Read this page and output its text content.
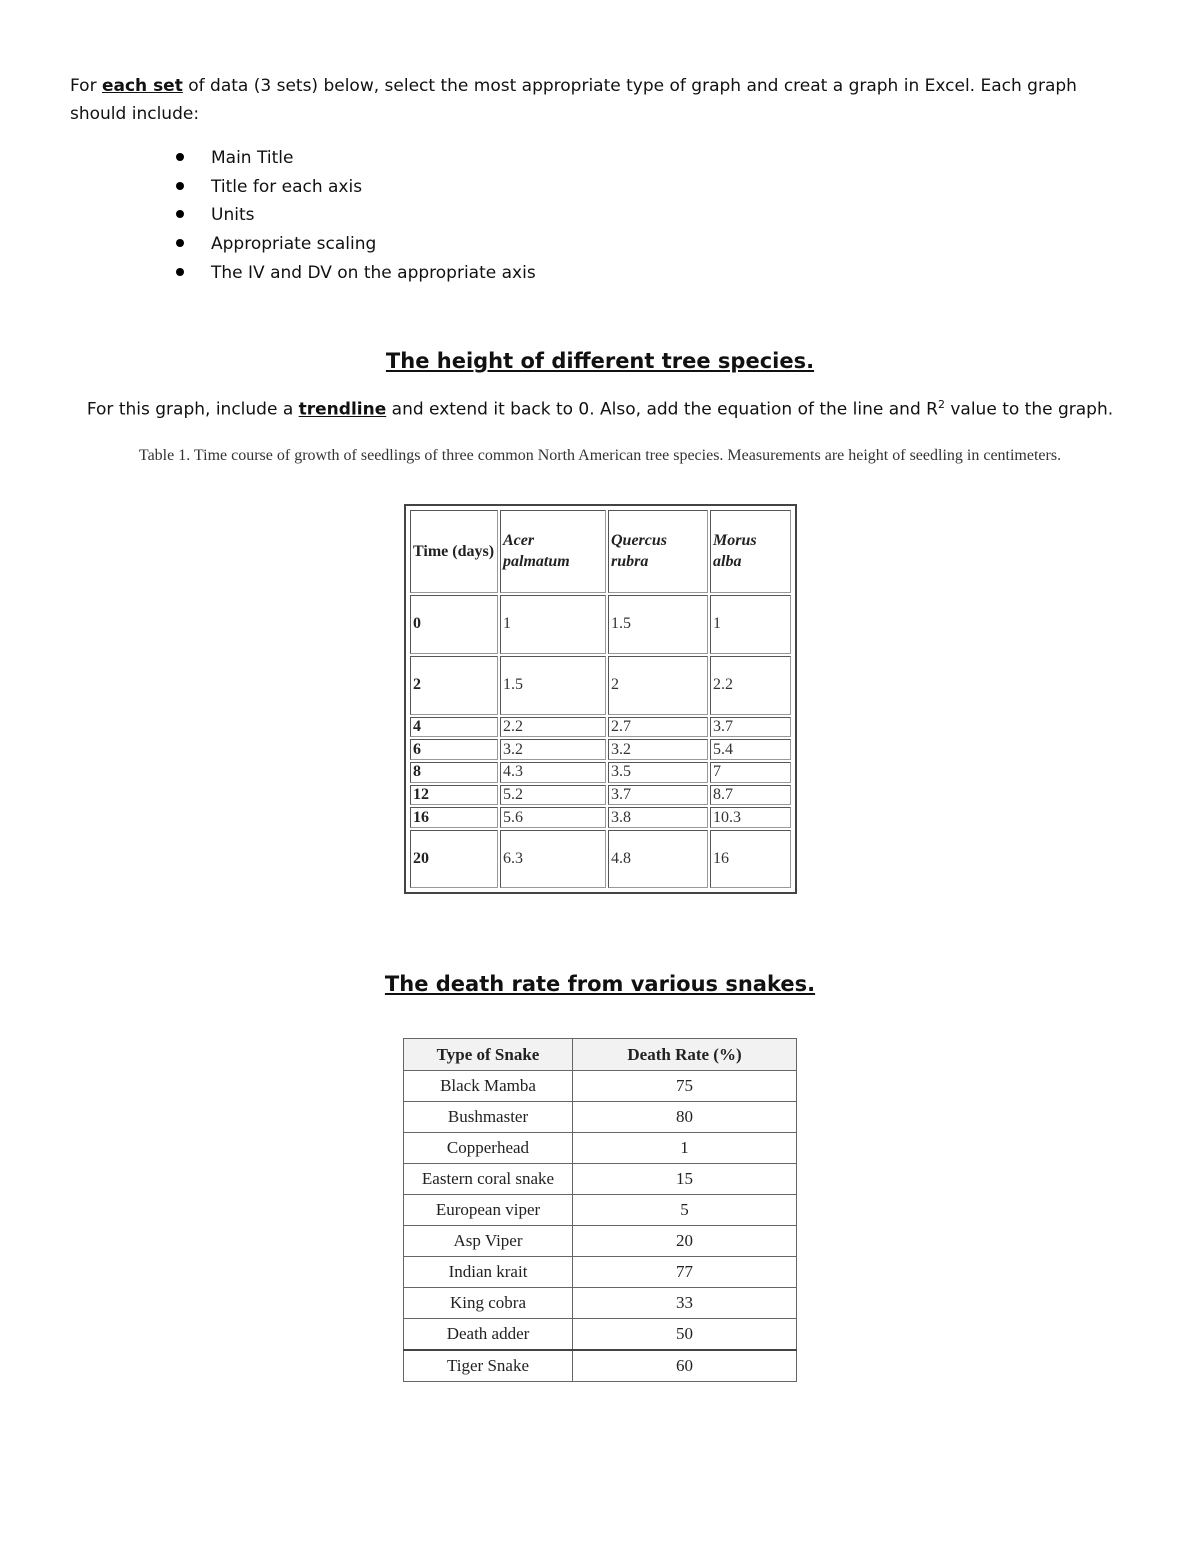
For each set of data (3 sets) below, select the most appropriate type of graph and creat a graph in Excel. Each graph should include:
Main Title
Title for each axis
Units
Appropriate scaling
The IV and DV on the appropriate axis
The height of different tree species.
For this graph, include a trendline and extend it back to 0. Also, add the equation of the line and $R^2$ value to the graph.
Table 1. Time course of growth of seedlings of three common North American tree species. Measurements are height of seedling in centimeters.
Time (days)	Acer palmatum	Quercus rubra	Morus alba
0	1	1.5	1
2	1.5	2	2.2
4	2.2	2.7	3.7
6	3.2	3.2	5.4
8	4.3	3.5	7
12	5.2	3.7	8.7
16	5.6	3.8	10.3
20	6.3	4.8	16
The death rate from various snakes.
Type of Snake	Death Rate (%)
Black Mamba	75
Bushmaster	80
Copperhead	1
Eastern coral snake	15
European viper	5
Asp Viper	20
Indian krait	77
King cobra	33
Death adder	50
Tiger Snake	60
